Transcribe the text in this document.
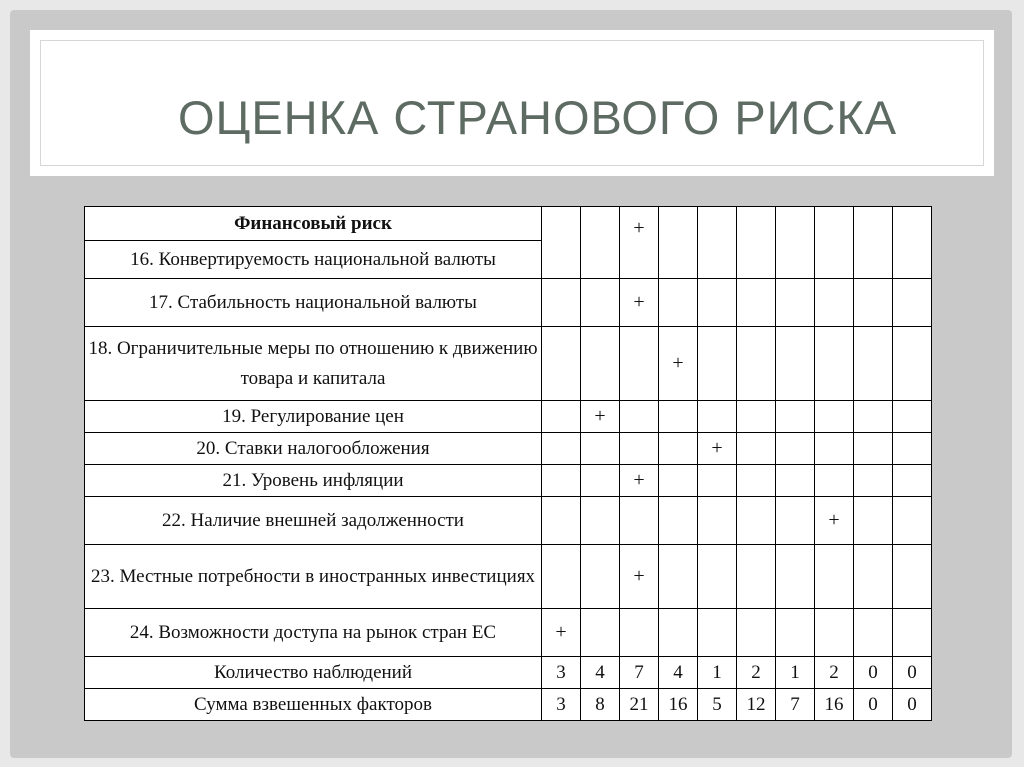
ОЦЕНКА СТРАНОВОГО РИСКА
Финансовый риск			+							
16. Конвертируемость национальной валюты										
17. Стабильность национальной валюты			+							
18. Ограничительные меры по отношению к движению товара и капитала				+						
19. Регулирование цен		+								
20. Ставки налогообложения					+					
21. Уровень инфляции			+							
22. Наличие внешней задолженности								+		
23. Местные потребности в иностранных инвестициях			+							
24. Возможности доступа на рынок стран ЕС	+									
Количество наблюдений	3	4	7	4	1	2	1	2	0	0
Сумма взвешенных факторов	3	8	21	16	5	12	7	16	0	0
